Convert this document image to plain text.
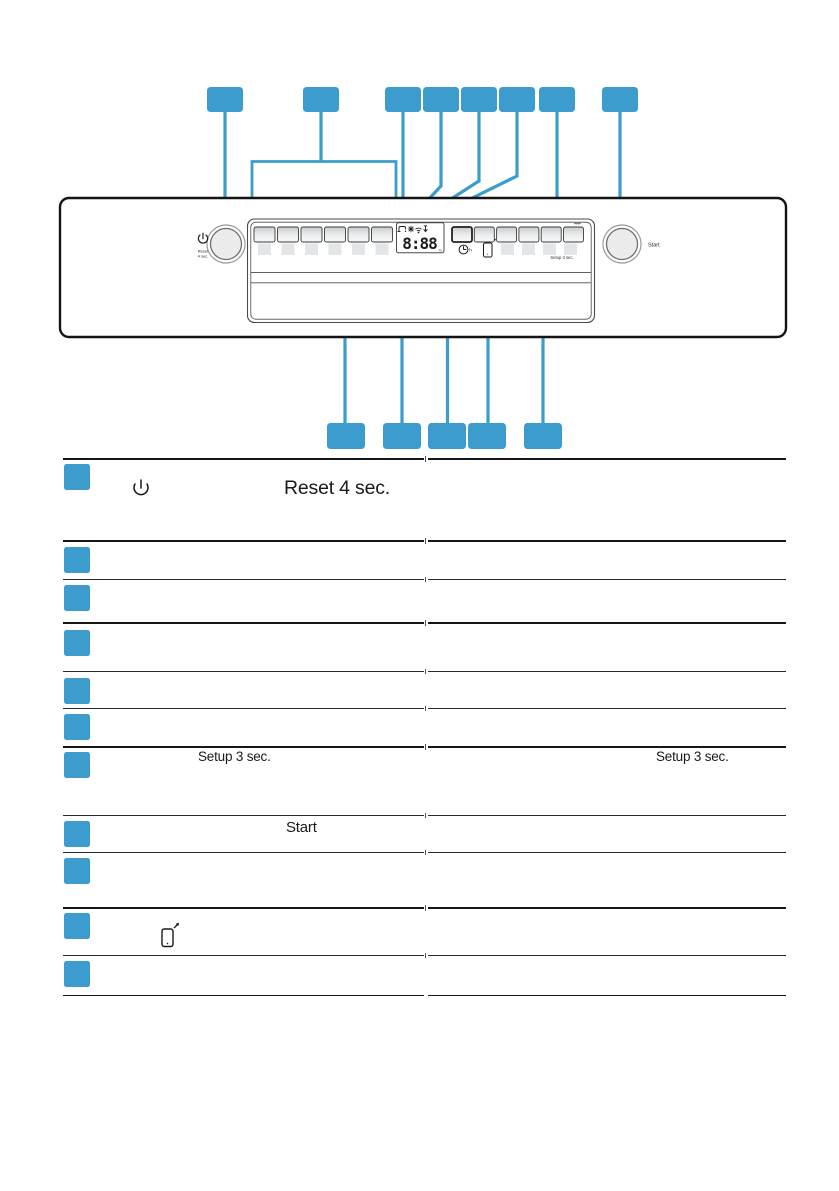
Reset
4 sec.
8:88 m	h
Setup 3 sec.
Start
Reset 4 sec.
Setup 3 sec.	Setup 3 sec.
Start
